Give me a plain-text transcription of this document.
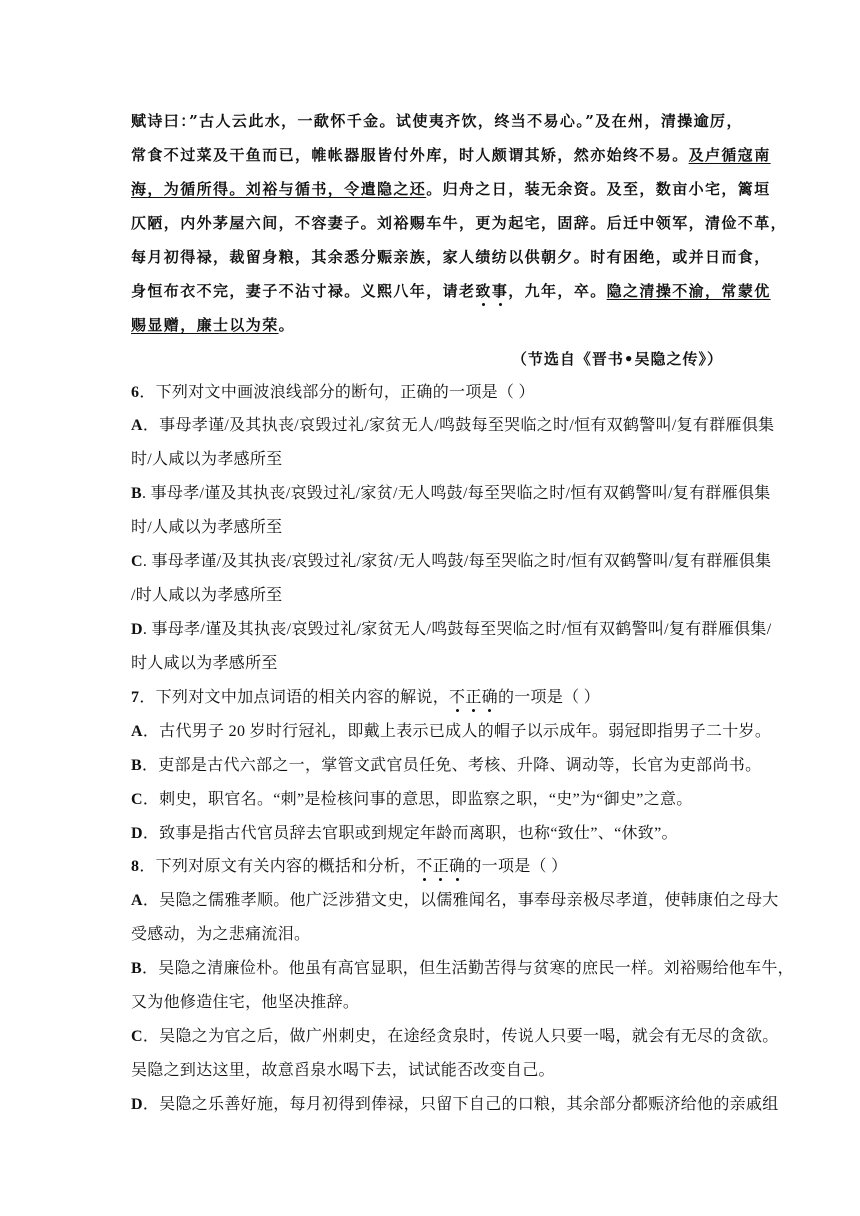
赋诗曰：”古人云此水，一歃怀千金。试使夷齐饮，终当不易心。”及在州，清操逾厉，
常食不过菜及干鱼而已，帷帐器服皆付外库，时人颇谓其矫，然亦始终不易。及卢循寇南
海，为循所得。刘裕与循书，令遣隐之还。归舟之日，装无余资。及至，数亩小宅，篱垣
仄陋，内外茅屋六间，不容妻子。刘裕赐车牛，更为起宅，固辞。后迁中领军，清俭不革，
每月初得禄，裁留身粮，其余悉分赈亲族，家人绩纺以供朝夕。时有困绝，或并日而食，
身恒布衣不完，妻子不沾寸禄。义熙八年，请老致事，九年，卒。隐之清操不渝，常蒙优
赐显赠，廉士以为荣。
（节选自《晋书•吴隐之传》）
6．下列对文中画波浪线部分的断句，正确的一项是（ ）
A．事母孝谨/及其执丧/哀毁过礼/家贫无人/鸣鼓每至哭临之时/恒有双鹤警叫/复有群雁俱集
时/人咸以为孝感所至
B. 事母孝/谨及其执丧/哀毁过礼/家贫/无人鸣鼓/每至哭临之时/恒有双鹤警叫/复有群雁俱集
时/人咸以为孝感所至
C. 事母孝谨/及其执丧/哀毁过礼/家贫/无人鸣鼓/每至哭临之时/恒有双鹤警叫/复有群雁俱集
/时人咸以为孝感所至
D. 事母孝/谨及其执丧/哀毁过礼/家贫无人/鸣鼓每至哭临之时/恒有双鹤警叫/复有群雁俱集/
时人咸以为孝感所至
7．下列对文中加点词语的相关内容的解说，不正确的一项是（ ）
A．古代男子 20 岁时行冠礼，即戴上表示已成人的帽子以示成年。弱冠即指男子二十岁。
B．吏部是古代六部之一，掌管文武官员任免、考核、升降、调动等，长官为吏部尚书。
C．刺史，职官名。“刺”是检核问事的意思，即监察之职，“史”为“御史”之意。
D．致事是指古代官员辞去官职或到规定年龄而离职，也称“致仕”、“休致”。
8．下列对原文有关内容的概括和分析，不正确的一项是（ ）
A．吴隐之儒雅孝顺。他广泛涉猎文史，以儒雅闻名，事奉母亲极尽孝道，使韩康伯之母大
受感动，为之悲痛流泪。
B．吴隐之清廉俭朴。他虽有高官显职，但生活勤苦得与贫寒的庶民一样。刘裕赐给他车牛，
又为他修造住宅，他坚决推辞。
C．吴隐之为官之后，做广州刺史，在途经贪泉时，传说人只要一喝，就会有无尽的贪欲。
吴隐之到达这里，故意舀泉水喝下去，试试能否改变自己。
D．吴隐之乐善好施，每月初得到俸禄，只留下自己的口粮，其余部分都赈济给他的亲戚组
